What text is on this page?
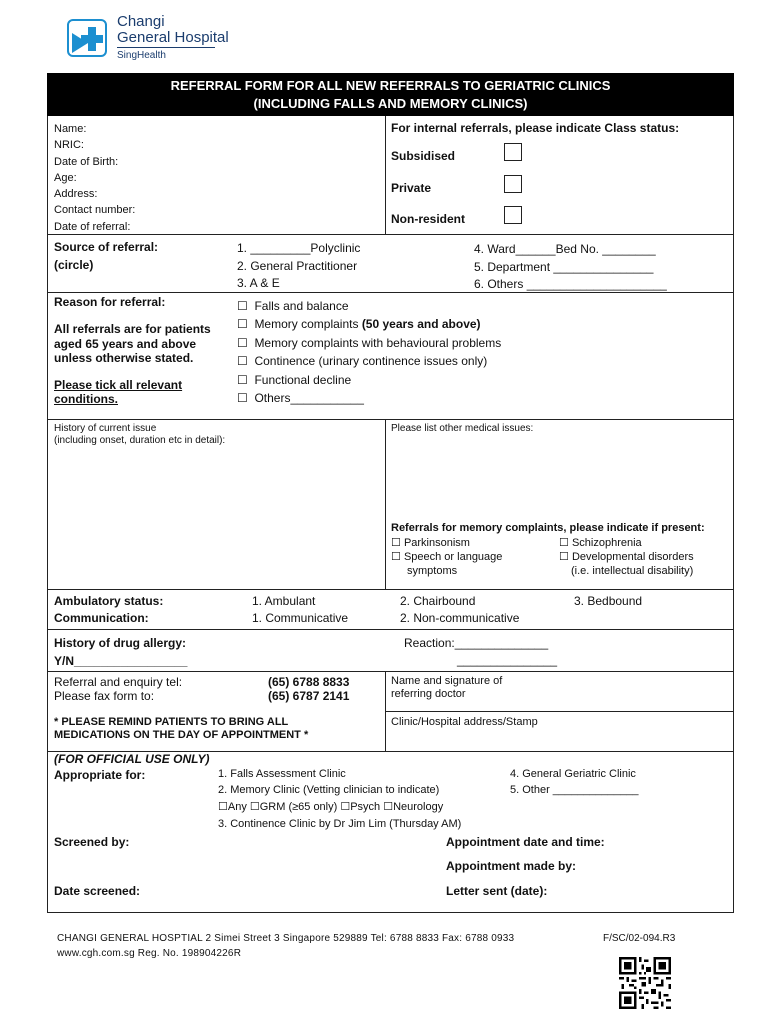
Changi
General Hospital
SingHealth
REFERRAL FORM FOR ALL NEW REFERRALS TO GERIATRIC CLINICS
(INCLUDING FALLS AND MEMORY CLINICS)
Name:
NRIC:
Date of Birth:
Age:
Address:
Contact number:
Date of referral:
For internal referrals, please indicate Class status:
Subsidised
Private
Non-resident
Source of referral:
(circle)
1. _________Polyclinic
2. General Practitioner
3. A & E
4. Ward______Bed No. ________
5. Department _______________
6. Others _____________________
Reason for referral:
All referrals are for patients
aged 65 years and above
unless otherwise stated.
Please tick all relevant
conditions.
☐   Falls and balance
☐   Memory complaints (50 years and above)
☐   Memory complaints with behavioural problems
☐   Continence (urinary continence issues only)
☐   Functional decline
☐   Others___________
History of current issue
(including onset, duration etc in detail):
Please list other medical issues:
Referrals for memory complaints, please indicate if present:
☐ Parkinsonism
☐ Speech or language
symptoms
☐ Schizophrenia
☐ Developmental disorders
(i.e. intellectual disability)
Ambulatory status:	1. Ambulant	2. Chairbound	3. Bedbound
Communication:	1. Communicative	2. Non-communicative
History of drug allergy:
Y/N_________________
Reaction:______________
_______________
Referral and enquiry tel:	(65) 6788 8833
Please fax form to:	(65) 6787 2141
Name and signature of
referring doctor
* PLEASE REMIND PATIENTS TO BRING ALL
MEDICATIONS ON THE DAY OF APPOINTMENT *
Clinic/Hospital address/Stamp
(FOR OFFICIAL USE ONLY)
Appropriate for:	1. Falls Assessment Clinic
2. Memory Clinic (Vetting clinician to indicate)
☐Any ☐GRM (≥65 only) ☐Psych ☐Neurology
3. Continence Clinic by Dr Jim Lim (Thursday AM)
4. General Geriatric Clinic
5. Other ______________
Screened by:	Appointment date and time:
Appointment made by:
Date screened:	Letter sent (date):
CHANGI GENERAL HOSPTIAL 2 Simei Street 3 Singapore 529889 Tel: 6788 8833 Fax: 6788 0933	F/SC/02-094.R3
www.cgh.com.sg Reg. No. 198904226R
